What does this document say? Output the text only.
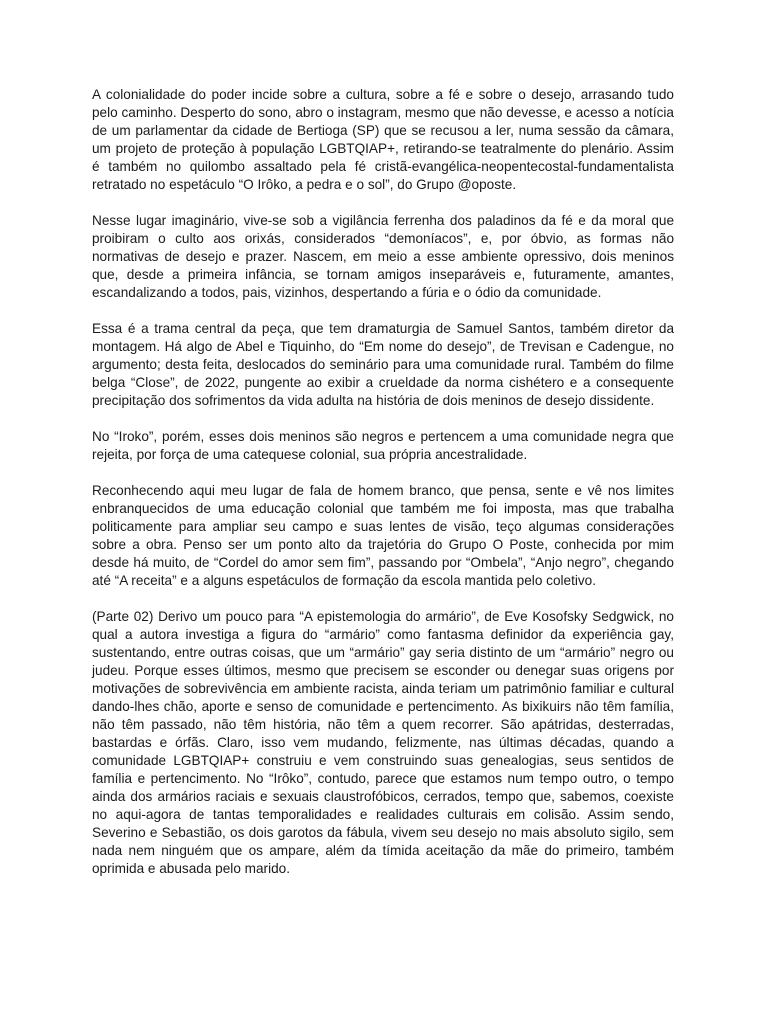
A colonialidade do poder incide sobre a cultura, sobre a fé e sobre o desejo, arrasando tudo pelo caminho. Desperto do sono, abro o instagram, mesmo que não devesse, e acesso a notícia de um parlamentar da cidade de Bertioga (SP) que se recusou a ler, numa sessão da câmara, um projeto de proteção à população LGBTQIAP+, retirando-se teatralmente do plenário. Assim é também no quilombo assaltado pela fé cristã-evangélica-neopentecostal-fundamentalista retratado no espetáculo “O Irôko, a pedra e o sol”, do Grupo @oposte.

Nesse lugar imaginário, vive-se sob a vigilância ferrenha dos paladinos da fé e da moral que proibiram o culto aos orixás, considerados “demoníacos”, e, por óbvio, as formas não normativas de desejo e prazer. Nascem, em meio a esse ambiente opressivo, dois meninos que, desde a primeira infância, se tornam amigos inseparáveis e, futuramente, amantes, escandalizando a todos, pais, vizinhos, despertando a fúria e o ódio da comunidade.

Essa é a trama central da peça, que tem dramaturgia de Samuel Santos, também diretor da montagem. Há algo de Abel e Tiquinho, do “Em nome do desejo”, de Trevisan e Cadengue, no argumento; desta feita, deslocados do seminário para uma comunidade rural. Também do filme belga “Close”, de 2022, pungente ao exibir a crueldade da norma cishétero e a consequente precipitação dos sofrimentos da vida adulta na história de dois meninos de desejo dissidente.

No “Iroko”, porém, esses dois meninos são negros e pertencem a uma comunidade negra que rejeita, por força de uma catequese colonial, sua própria ancestralidade.

Reconhecendo aqui meu lugar de fala de homem branco, que pensa, sente e vê nos limites enbranquecidos de uma educação colonial que também me foi imposta, mas que trabalha politicamente para ampliar seu campo e suas lentes de visão, teço algumas considerações sobre a obra. Penso ser um ponto alto da trajetória do Grupo O Poste, conhecida por mim desde há muito, de “Cordel do amor sem fim”, passando por “Ombela”, “Anjo negro”, chegando até “A receita” e a alguns espetáculos de formação da escola mantida pelo coletivo.

(Parte 02) Derivo um pouco para “A epistemologia do armário”, de Eve Kosofsky Sedgwick, no qual a autora investiga a figura do “armário” como fantasma definidor da experiência gay, sustentando, entre outras coisas, que um “armário” gay seria distinto de um “armário” negro ou judeu. Porque esses últimos, mesmo que precisem se esconder ou denegar suas origens por motivações de sobrevivência em ambiente racista, ainda teriam um patrimônio familiar e cultural dando-lhes chão, aporte e senso de comunidade e pertencimento. As bixikuirs não têm família, não têm passado, não têm história, não têm a quem recorrer. São apátridas, desterradas, bastardas e órfãs. Claro, isso vem mudando, felizmente, nas últimas décadas, quando a comunidade LGBTQIAP+ construiu e vem construindo suas genealogias, seus sentidos de família e pertencimento. No “Irôko”, contudo, parece que estamos num tempo outro, o tempo ainda dos armários raciais e sexuais claustrofóbicos, cerrados, tempo que, sabemos, coexiste no aqui-agora de tantas temporalidades e realidades culturais em colisão. Assim sendo, Severino e Sebastião, os dois garotos da fábula, vivem seu desejo no mais absoluto sigilo, sem nada nem ninguém que os ampare, além da tímida aceitação da mãe do primeiro, também oprimida e abusada pelo marido.
